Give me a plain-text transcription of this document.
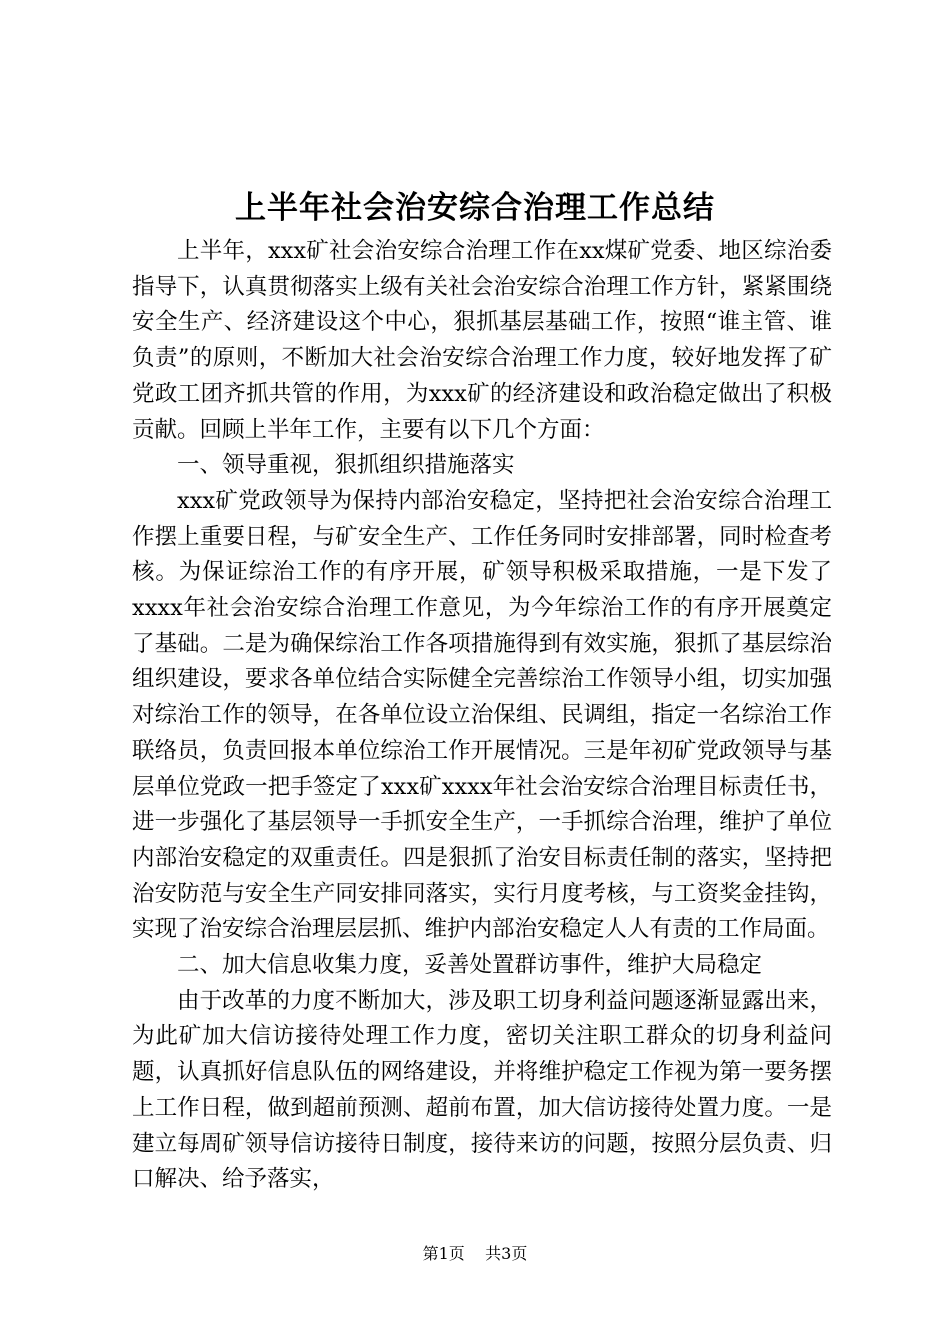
上半年社会治安综合治理工作总结

上半年，xxx矿社会治安综合治理工作在xx煤矿党委、地区综治委指导下，认真贯彻落实上级有关社会治安综合治理工作方针，紧紧围绕安全生产、经济建设这个中心，狠抓基层基础工作，按照“谁主管、谁负责”的原则，不断加大社会治安综合治理工作力度，较好地发挥了矿党政工团齐抓共管的作用，为xxx矿的经济建设和政治稳定做出了积极贡献。回顾上半年工作，主要有以下几个方面：

一、领导重视，狠抓组织措施落实

xxx矿党政领导为保持内部治安稳定，坚持把社会治安综合治理工作摆上重要日程，与矿安全生产、工作任务同时安排部署，同时检查考核。为保证综治工作的有序开展，矿领导积极采取措施，一是下发了xxxx年社会治安综合治理工作意见，为今年综治工作的有序开展奠定了基础。二是为确保综治工作各项措施得到有效实施，狠抓了基层综治组织建设，要求各单位结合实际健全完善综治工作领导小组，切实加强对综治工作的领导，在各单位设立治保组、民调组，指定一名综治工作联络员，负责回报本单位综治工作开展情况。三是年初矿党政领导与基层单位党政一把手签定了xxx矿xxxx年社会治安综合治理目标责任书，进一步强化了基层领导一手抓安全生产，一手抓综合治理，维护了单位内部治安稳定的双重责任。四是狠抓了治安目标责任制的落实，坚持把治安防范与安全生产同安排同落实，实行月度考核，与工资奖金挂钩，实现了治安综合治理层层抓、维护内部治安稳定人人有责的工作局面。

二、加大信息收集力度，妥善处置群访事件，维护大局稳定

由于改革的力度不断加大，涉及职工切身利益问题逐渐显露出来，为此矿加大信访接待处理工作力度，密切关注职工群众的切身利益问题，认真抓好信息队伍的网络建设，并将维护稳定工作视为第一要务摆上工作日程，做到超前预测、超前布置，加大信访接待处置力度。一是建立每周矿领导信访接待日制度，接待来访的问题，按照分层负责、归口解决、给予落实，

第1页 共3页
